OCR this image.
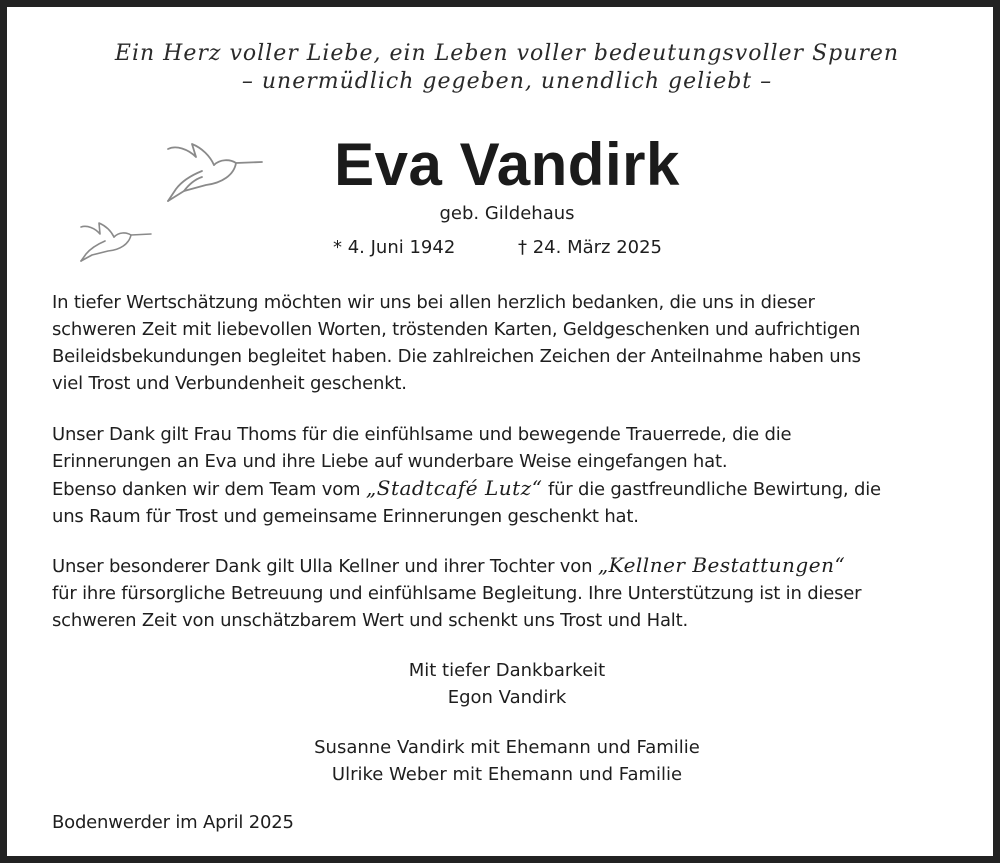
Ein Herz voller Liebe, ein Leben voller bedeutungsvoller Spuren
– unermüdlich gegeben, unendlich geliebt –
Eva Vandirk
geb. Gildehaus
* 4. Juni 1942	† 24. März 2025
In tiefer Wertschätzung möchten wir uns bei allen herzlich bedanken, die uns in dieser
schweren Zeit mit liebevollen Worten, tröstenden Karten, Geldgeschenken und aufrichtigen
Beileidsbekundungen begleitet haben. Die zahlreichen Zeichen der Anteilnahme haben uns
viel Trost und Verbundenheit geschenkt.
Unser Dank gilt Frau Thoms für die einfühlsame und bewegende Trauerrede, die die
Erinnerungen an Eva und ihre Liebe auf wunderbare Weise eingefangen hat.
Ebenso danken wir dem Team vom „Stadtcafé Lutz“ für die gastfreundliche Bewirtung, die
uns Raum für Trost und gemeinsame Erinnerungen geschenkt hat.
Unser besonderer Dank gilt Ulla Kellner und ihrer Tochter von „Kellner Bestattungen“
für ihre fürsorgliche Betreuung und einfühlsame Begleitung. Ihre Unterstützung ist in dieser
schweren Zeit von unschätzbarem Wert und schenkt uns Trost und Halt.
Mit tiefer Dankbarkeit
Egon Vandirk
Susanne Vandirk mit Ehemann und Familie
Ulrike Weber mit Ehemann und Familie
Bodenwerder im April 2025
